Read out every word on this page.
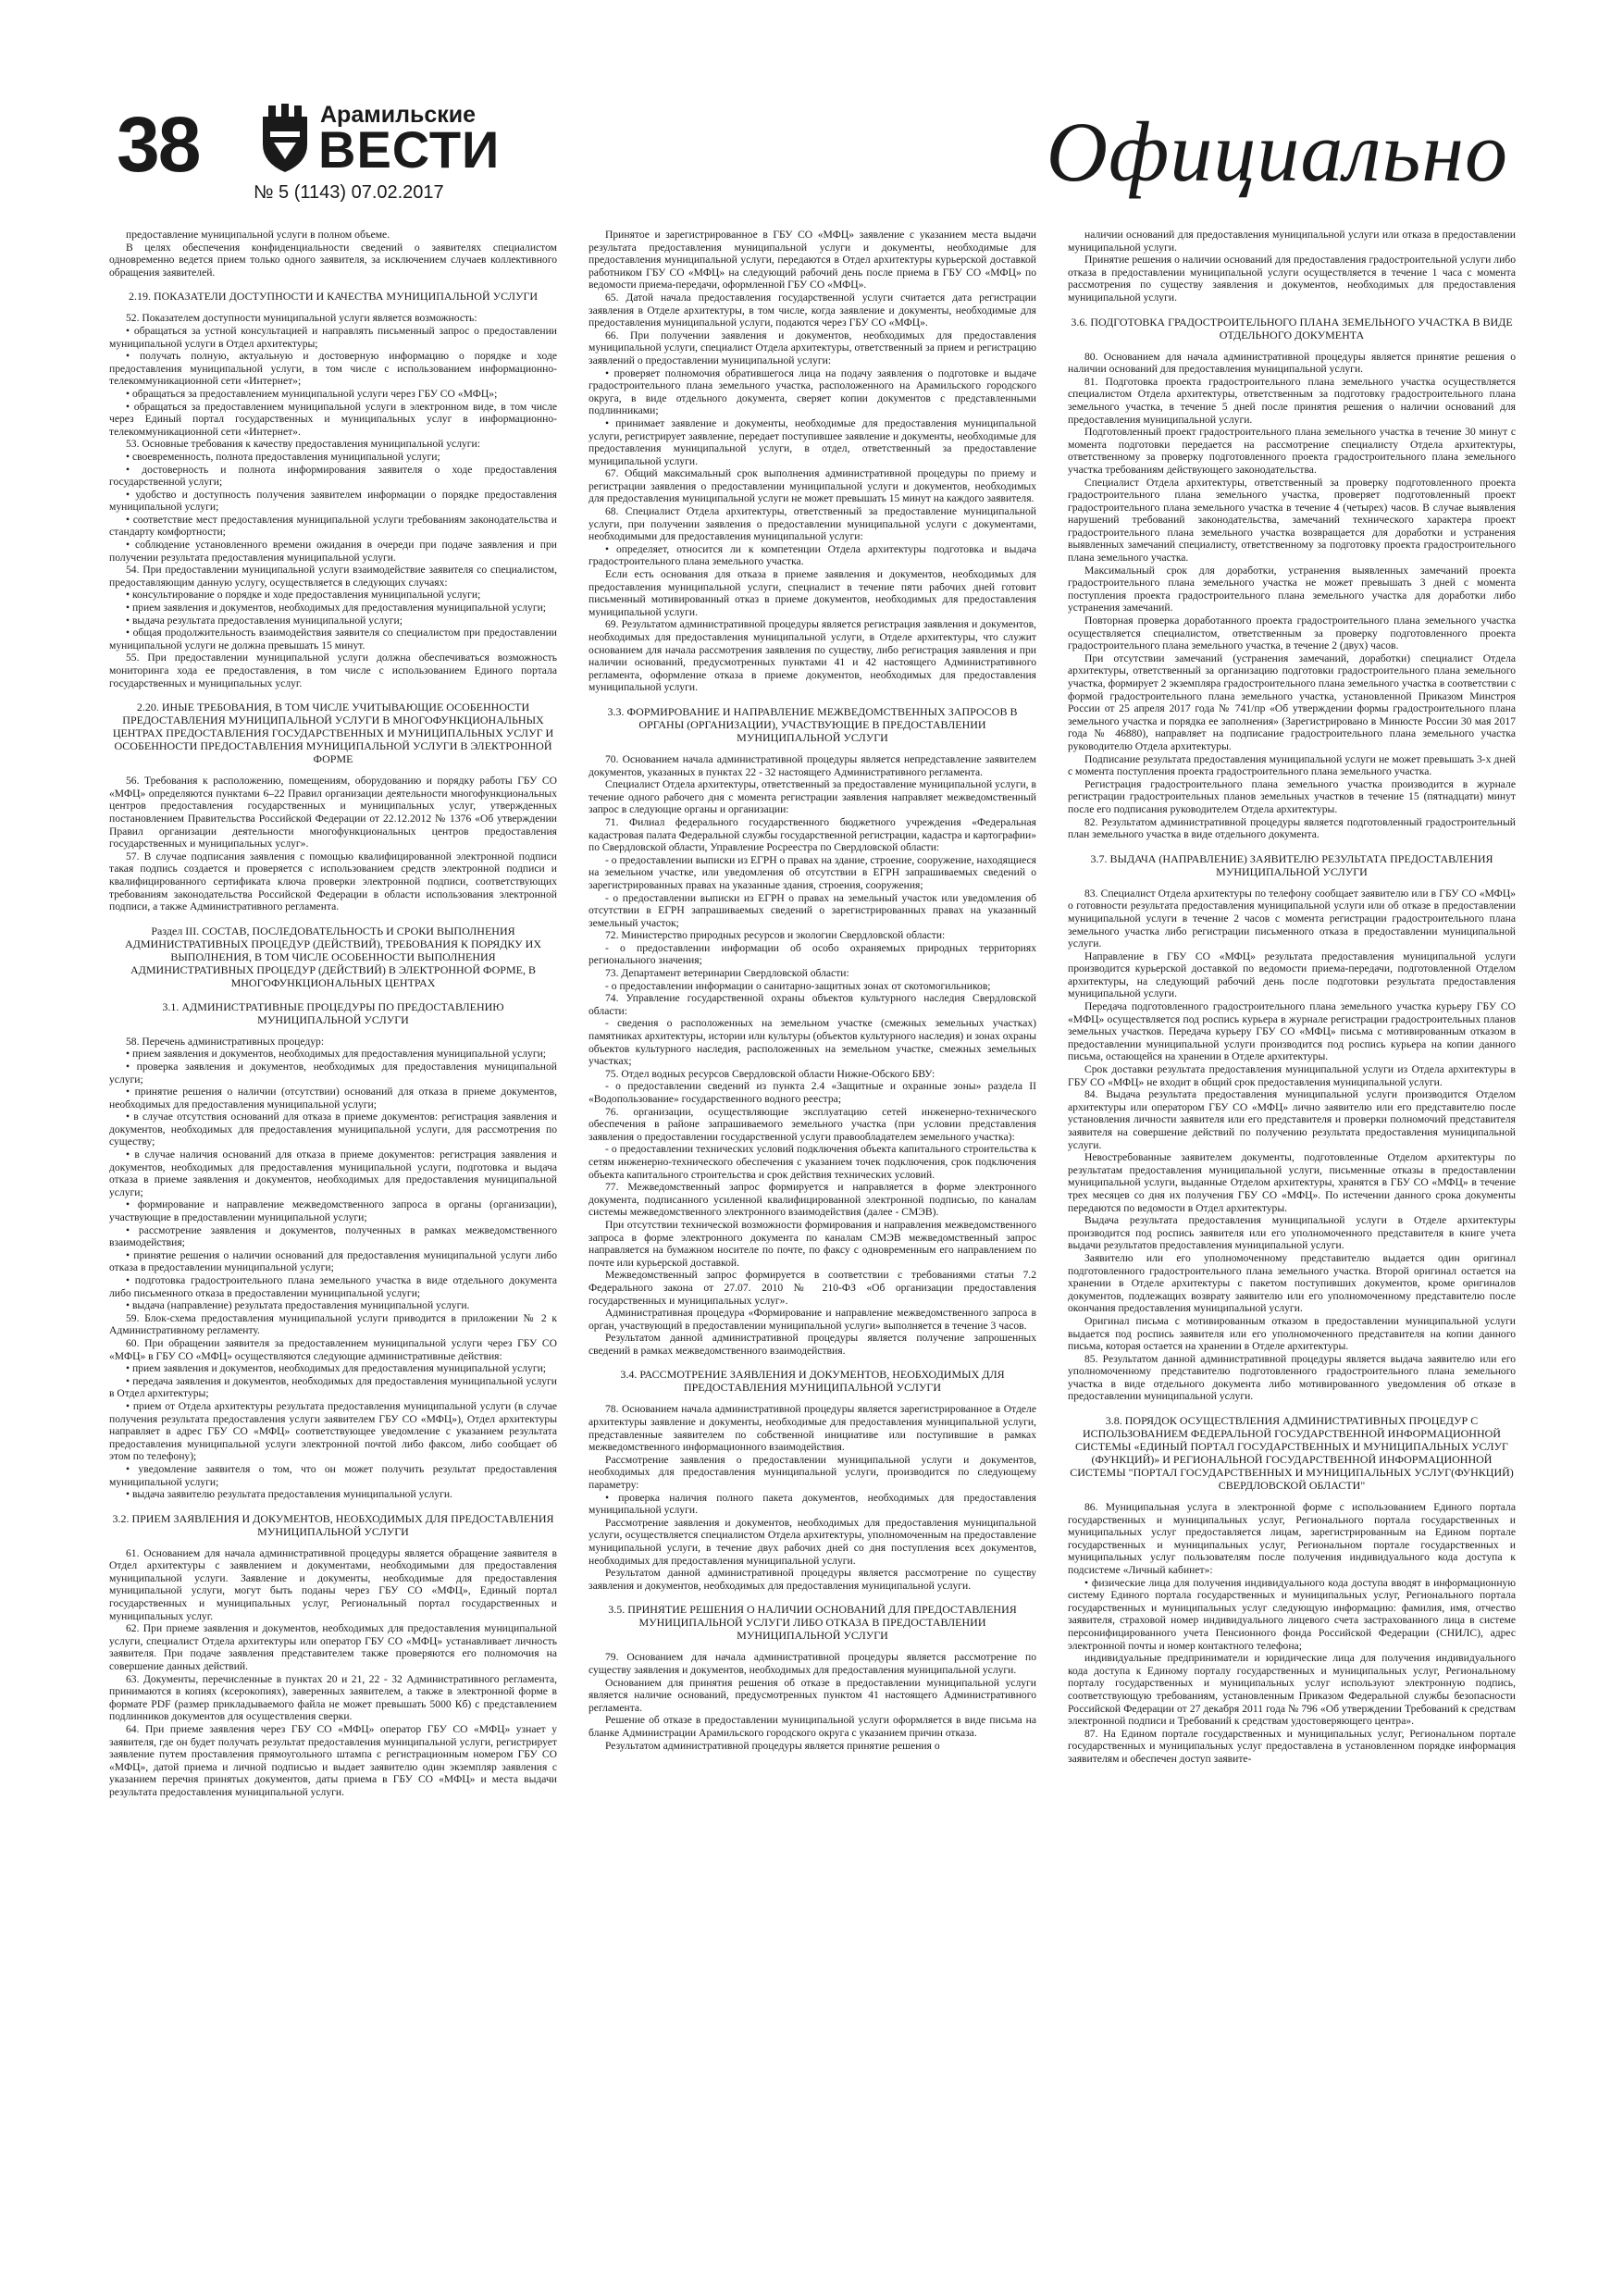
38	Арамильские
ВЕСТИ
№ 5 (1143) 07.02.2017	Официально

предоставление муниципальной услуги в полном объеме.

В целях обеспечения конфиденциальности сведений о заявителях специалистом одновременно ведется прием только одного заявителя, за исключением случаев коллективного обращения заявителей.

2.19. ПОКАЗАТЕЛИ ДОСТУПНОСТИ И КАЧЕСТВА МУНИЦИПАЛЬНОЙ УСЛУГИ

52. Показателем доступности муниципальной услуги является возможность:

• обращаться за устной консультацией и направлять письменный запрос о предоставлении муниципальной услуги в Отдел архитектуры;

• получать полную, актуальную и достоверную информацию о порядке и ходе предоставления муниципальной услуги, в том числе с использованием информационно-телекоммуникационной сети «Интернет»;

• обращаться за предоставлением муниципальной услуги через ГБУ СО «МФЦ»;

• обращаться за предоставлением муниципальной услуги в электронном виде, в том числе через Единый портал государственных и муниципальных услуг в информационно-телекоммуникационной сети «Интернет».

53. Основные требования к качеству предоставления муниципальной услуги:

• своевременность, полнота предоставления муниципальной услуги;

• достоверность и полнота информирования заявителя о ходе предоставления государственной услуги;

• удобство и доступность получения заявителем информации о порядке предоставления муниципальной услуги;

• соответствие мест предоставления муниципальной услуги требованиям законодательства и стандарту комфортности;

• соблюдение установленного времени ожидания в очереди при подаче заявления и при получении результата предоставления муниципальной услуги.

54. При предоставлении муниципальной услуги взаимодействие заявителя со специалистом, предоставляющим данную услугу, осуществляется в следующих случаях:

• консультирование о порядке и ходе предоставления муниципальной услуги;

• прием заявления и документов, необходимых для предоставления муниципальной услуги;

• выдача результата предоставления муниципальной услуги;

• общая продолжительность взаимодействия заявителя со специалистом при предоставлении муниципальной услуги не должна превышать 15 минут.

55. При предоставлении муниципальной услуги должна обеспечиваться возможность мониторинга хода ее предоставления, в том числе с использованием Единого портала государственных и муниципальных услуг.

2.20. ИНЫЕ ТРЕБОВАНИЯ, В ТОМ ЧИСЛЕ УЧИТЫВАЮЩИЕ ОСОБЕННОСТИ ПРЕДОСТАВЛЕНИЯ МУНИЦИПАЛЬНОЙ УСЛУГИ В МНОГОФУНКЦИОНАЛЬНЫХ ЦЕНТРАХ ПРЕДОСТАВЛЕНИЯ ГОСУДАРСТВЕННЫХ И МУНИЦИПАЛЬНЫХ УСЛУГ И ОСОБЕННОСТИ ПРЕДОСТАВЛЕНИЯ МУНИЦИПАЛЬНОЙ УСЛУГИ В ЭЛЕКТРОННОЙ ФОРМЕ

56. Требования к расположению, помещениям, оборудованию и порядку работы ГБУ СО «МФЦ» определяются пунктами 6–22 Правил организации деятельности многофункциональных центров предоставления государственных и муниципальных услуг, утвержденных постановлением Правительства Российской Федерации от 22.12.2012 № 1376 «Об утверждении Правил организации деятельности многофункциональных центров предоставления государственных и муниципальных услуг».

57. В случае подписания заявления с помощью квалифицированной электронной подписи такая подпись создается и проверяется с использованием средств электронной подписи и квалифицированного сертификата ключа проверки электронной подписи, соответствующих требованиям законодательства Российской Федерации в области использования электронной подписи, а также Административного регламента.

Раздел III. СОСТАВ, ПОСЛЕДОВАТЕЛЬНОСТЬ И СРОКИ ВЫПОЛНЕНИЯ АДМИНИСТРАТИВНЫХ ПРОЦЕДУР (ДЕЙСТВИЙ), ТРЕБОВАНИЯ К ПОРЯДКУ ИХ ВЫПОЛНЕНИЯ, В ТОМ ЧИСЛЕ ОСОБЕННОСТИ ВЫПОЛНЕНИЯ АДМИНИСТРАТИВНЫХ ПРОЦЕДУР (ДЕЙСТВИЙ) В ЭЛЕКТРОННОЙ ФОРМЕ, В МНОГОФУНКЦИОНАЛЬНЫХ ЦЕНТРАХ
3.1. АДМИНИСТРАТИВНЫЕ ПРОЦЕДУРЫ ПО ПРЕДОСТАВЛЕНИЮ МУНИЦИПАЛЬНОЙ УСЛУГИ

58. Перечень административных процедур:

• прием заявления и документов, необходимых для предоставления муниципальной услуги;

• проверка заявления и документов, необходимых для предоставления муниципальной услуги;

• принятие решения о наличии (отсутствии) оснований для отказа в приеме документов, необходимых для предоставления муниципальной услуги;

• в случае отсутствия оснований для отказа в приеме документов: регистрация заявления и документов, необходимых для предоставления муниципальной услуги, для рассмотрения по существу;

• в случае наличия оснований для отказа в приеме документов: регистрация заявления и документов, необходимых для предоставления муниципальной услуги, подготовка и выдача отказа в приеме заявления и документов, необходимых для предоставления муниципальной услуги;

• формирование и направление межведомственного запроса в органы (организации), участвующие в предоставлении муниципальной услуги;

• рассмотрение заявления и документов, полученных в рамках межведомственного взаимодействия;

• принятие решения о наличии оснований для предоставления муниципальной услуги либо отказа в предоставлении муниципальной услуги;

• подготовка градостроительного плана земельного участка в виде отдельного документа либо письменного отказа в предоставлении муниципальной услуги;

• выдача (направление) результата предоставления муниципальной услуги.

59. Блок-схема предоставления муниципальной услуги приводится в приложении № 2 к Административному регламенту.

60. При обращении заявителя за предоставлением муниципальной услуги через ГБУ СО «МФЦ» в ГБУ СО «МФЦ» осуществляются следующие административные действия:

• прием заявления и документов, необходимых для предоставления муниципальной услуги;

• передача заявления и документов, необходимых для предоставления муниципальной услуги в Отдел архитектуры;

• прием от Отдела архитектуры результата предоставления муниципальной услуги (в случае получения результата предоставления услуги заявителем ГБУ СО «МФЦ»), Отдел архитектуры направляет в адрес ГБУ СО «МФЦ» соответствующее уведомление с указанием результата предоставления муниципальной услуги электронной почтой либо факсом, либо сообщает об этом по телефону);

• уведомление заявителя о том, что он может получить результат предоставления муниципальной услуги;

• выдача заявителю результата предоставления муниципальной услуги.

3.2. ПРИЕМ ЗАЯВЛЕНИЯ И ДОКУМЕНТОВ, НЕОБХОДИМЫХ ДЛЯ ПРЕДОСТАВЛЕНИЯ МУНИЦИПАЛЬНОЙ УСЛУГИ

61. Основанием для начала административной процедуры является обращение заявителя в Отдел архитектуры с заявлением и документами, необходимыми для предоставления муниципальной услуги. Заявление и документы, необходимые для предоставления муниципальной услуги, могут быть поданы через ГБУ СО «МФЦ», Единый портал государственных и муниципальных услуг, Региональный портал государственных и муниципальных услуг.

62. При приеме заявления и документов, необходимых для предоставления муниципальной услуги, специалист Отдела архитектуры или оператор ГБУ СО «МФЦ» устанавливает личность заявителя. При подаче заявления представителем также проверяются его полномочия на совершение данных действий.

63. Документы, перечисленные в пунктах 20 и 21, 22 - 32 Административного регламента, принимаются в копиях (ксерокопиях), заверенных заявителем, а также в электронной форме в формате PDF (размер прикладываемого файла не может превышать 5000 Кб) с представлением подлинников документов для осуществления сверки.

64. При приеме заявления через ГБУ СО «МФЦ» оператор ГБУ СО «МФЦ» узнает у заявителя, где он будет получать результат предоставления муниципальной услуги, регистрирует заявление путем проставления прямоугольного штампа с регистрационным номером ГБУ СО «МФЦ», датой приема и личной подписью и выдает заявителю один экземпляр заявления с указанием перечня принятых документов, даты приема в ГБУ СО «МФЦ» и места выдачи результата предоставления муниципальной услуги.

Принятое и зарегистрированное в ГБУ СО «МФЦ» заявление с указанием места выдачи результата предоставления муниципальной услуги и документы, необходимые для предоставления муниципальной услуги, передаются в Отдел архитектуры курьерской доставкой работником ГБУ СО «МФЦ» на следующий рабочий день после приема в ГБУ СО «МФЦ» по ведомости приема-передачи, оформленной ГБУ СО «МФЦ».

65. Датой начала предоставления государственной услуги считается дата регистрации заявления в Отделе архитектуры, в том числе, когда заявление и документы, необходимые для предоставления муниципальной услуги, подаются через ГБУ СО «МФЦ».

66. При получении заявления и документов, необходимых для предоставления муниципальной услуги, специалист Отдела архитектуры, ответственный за прием и регистрацию заявлений о предоставлении муниципальной услуги:

• проверяет полномочия обратившегося лица на подачу заявления о подготовке и выдаче градостроительного плана земельного участка, расположенного на Арамильского городского округа, в виде отдельного документа, сверяет копии документов с представленными подлинниками;

• принимает заявление и документы, необходимые для предоставления муниципальной услуги, регистрирует заявление, передает поступившее заявление и документы, необходимые для предоставления муниципальной услуги, в отдел, ответственный за предоставление муниципальной услуги.

67. Общий максимальный срок выполнения административной процедуры по приему и регистрации заявления о предоставлении муниципальной услуги и документов, необходимых для предоставления муниципальной услуги не может превышать 15 минут на каждого заявителя.

68. Специалист Отдела архитектуры, ответственный за предоставление муниципальной услуги, при получении заявления о предоставлении муниципальной услуги с документами, необходимыми для предоставления муниципальной услуги:

• определяет, относится ли к компетенции Отдела архитектуры подготовка и выдача градостроительного плана земельного участка.

Если есть основания для отказа в приеме заявления и документов, необходимых для предоставления муниципальной услуги, специалист в течение пяти рабочих дней готовит письменный мотивированный отказ в приеме документов, необходимых для предоставления муниципальной услуги.

69. Результатом административной процедуры является регистрация заявления и документов, необходимых для предоставления муниципальной услуги, в Отделе архитектуры, что служит основанием для начала рассмотрения заявления по существу, либо регистрация заявления и при наличии оснований, предусмотренных пунктами 41 и 42 настоящего Административного регламента, оформление отказа в приеме документов, необходимых для предоставления муниципальной услуги.

3.3. ФОРМИРОВАНИЕ И НАПРАВЛЕНИЕ МЕЖВЕДОМСТВЕННЫХ ЗАПРОСОВ В ОРГАНЫ (ОРГАНИЗАЦИИ), УЧАСТВУЮЩИЕ В ПРЕДОСТАВЛЕНИИ МУНИЦИПАЛЬНОЙ УСЛУГИ

70. Основанием начала административной процедуры является непредставление заявителем документов, указанных в пунктах 22 - 32 настоящего Административного регламента.

Специалист Отдела архитектуры, ответственный за предоставление муниципальной услуги, в течение одного рабочего дня с момента регистрации заявления направляет межведомственный запрос в следующие органы и организации:

71. Филиал федерального государственного бюджетного учреждения «Федеральная кадастровая палата Федеральной службы государственной регистрации, кадастра и картографии» по Свердловской области, Управление Росреестра по Свердловской области:

- о предоставлении выписки из ЕГРН о правах на здание, строение, сооружение, находящиеся на земельном участке, или уведомления об отсутствии в ЕГРН запрашиваемых сведений о зарегистрированных правах на указанные здания, строения, сооружения;

- о предоставлении выписки из ЕГРН о правах на земельный участок или уведомления об отсутствии в ЕГРН запрашиваемых сведений о зарегистрированных правах на указанный земельный участок;

72. Министерство природных ресурсов и экологии Свердловской области:

- о предоставлении информации об особо охраняемых природных территориях регионального значения;

73. Департамент ветеринарии Свердловской области:

- о предоставлении информации о санитарно-защитных зонах от скотомогильников;

74. Управление государственной охраны объектов культурного наследия Свердловской области:

- сведения о расположенных на земельном участке (смежных земельных участках) памятниках архитектуры, истории или культуры (объектов культурного наследия) и зонах охраны объектов культурного наследия, расположенных на земельном участке, смежных земельных участках;

75. Отдел водных ресурсов Свердловской области Нижне-Обского БВУ:

- о предоставлении сведений из пункта 2.4 «Защитные и охранные зоны» раздела II «Водопользование» государственного водного реестра;

76. организации, осуществляющие эксплуатацию сетей инженерно-технического обеспечения в районе запрашиваемого земельного участка (при условии представления заявления о предоставлении государственной услуги правообладателем земельного участка):

- о предоставлении технических условий подключения объекта капитального строительства к сетям инженерно-технического обеспечения с указанием точек подключения, срок подключения объекта капитального строительства и срок действия технических условий.

77. Межведомственный запрос формируется и направляется в форме электронного документа, подписанного усиленной квалифицированной электронной подписью, по каналам системы межведомственного электронного взаимодействия (далее - СМЭВ).

При отсутствии технической возможности формирования и направления межведомственного запроса в форме электронного документа по каналам СМЭВ межведомственный запрос направляется на бумажном носителе по почте, по факсу с одновременным его направлением по почте или курьерской доставкой.

Межведомственный запрос формируется в соответствии с требованиями статьи 7.2 Федерального закона от 27.07. 2010 № 210-ФЗ «Об организации предоставления государственных и муниципальных услуг».

Административная процедура «Формирование и направление межведомственного запроса в орган, участвующий в предоставлении муниципальной услуги» выполняется в течение 3 часов.

Результатом данной административной процедуры является получение запрошенных сведений в рамках межведомственного взаимодействия.

3.4. РАССМОТРЕНИЕ ЗАЯВЛЕНИЯ И ДОКУМЕНТОВ, НЕОБХОДИМЫХ ДЛЯ ПРЕДОСТАВЛЕНИЯ МУНИЦИПАЛЬНОЙ УСЛУГИ

78. Основанием начала административной процедуры является зарегистрированное в Отделе архитектуры заявление и документы, необходимые для предоставления муниципальной услуги, представленные заявителем по собственной инициативе или поступившие в рамках межведомственного информационного взаимодействия.

Рассмотрение заявления о предоставлении муниципальной услуги и документов, необходимых для предоставления муниципальной услуги, производится по следующему параметру:

• проверка наличия полного пакета документов, необходимых для предоставления муниципальной услуги.

Рассмотрение заявления и документов, необходимых для предоставления муниципальной услуги, осуществляется специалистом Отдела архитектуры, уполномоченным на предоставление муниципальной услуги, в течение двух рабочих дней со дня поступления всех документов, необходимых для предоставления муниципальной услуги.

Результатом данной административной процедуры является рассмотрение по существу заявления и документов, необходимых для предоставления муниципальной услуги.

3.5. ПРИНЯТИЕ РЕШЕНИЯ О НАЛИЧИИ ОСНОВАНИЙ ДЛЯ ПРЕДОСТАВЛЕНИЯ МУНИЦИПАЛЬНОЙ УСЛУГИ ЛИБО ОТКАЗА В ПРЕДОСТАВЛЕНИИ МУНИЦИПАЛЬНОЙ УСЛУГИ

79. Основанием для начала административной процедуры является рассмотрение по существу заявления и документов, необходимых для предоставления муниципальной услуги.

Основанием для принятия решения об отказе в предоставлении муниципальной услуги является наличие оснований, предусмотренных пунктом 41 настоящего Административного регламента.

Решение об отказе в предоставлении муниципальной услуги оформляется в виде письма на бланке Администрации Арамильского городского округа с указанием причин отказа.

Результатом административной процедуры является принятие решения о

наличии оснований для предоставления муниципальной услуги или отказа в предоставлении муниципальной услуги.

Принятие решения о наличии оснований для предоставления градостроительной услуги либо отказа в предоставлении муниципальной услуги осуществляется в течение 1 часа с момента рассмотрения по существу заявления и документов, необходимых для предоставления муниципальной услуги.

3.6. ПОДГОТОВКА ГРАДОСТРОИТЕЛЬНОГО ПЛАНА ЗЕМЕЛЬНОГО УЧАСТКА В ВИДЕ ОТДЕЛЬНОГО ДОКУМЕНТА

80. Основанием для начала административной процедуры является принятие решения о наличии оснований для предоставления муниципальной услуги.

81. Подготовка проекта градостроительного плана земельного участка осуществляется специалистом Отдела архитектуры, ответственным за подготовку градостроительного плана земельного участка, в течение 5 дней после принятия решения о наличии оснований для предоставления муниципальной услуги.

Подготовленный проект градостроительного плана земельного участка в течение 30 минут с момента подготовки передается на рассмотрение специалисту Отдела архитектуры, ответственному за проверку подготовленного проекта градостроительного плана земельного участка требованиям действующего законодательства.

Специалист Отдела архитектуры, ответственный за проверку подготовленного проекта градостроительного плана земельного участка, проверяет подготовленный проект градостроительного плана земельного участка в течение 4 (четырех) часов. В случае выявления нарушений требований законодательства, замечаний технического характера проект градостроительного плана земельного участка возвращается для доработки и устранения выявленных замечаний специалисту, ответственному за подготовку проекта градостроительного плана земельного участка.

Максимальный срок для доработки, устранения выявленных замечаний проекта градостроительного плана земельного участка не может превышать 3 дней с момента поступления проекта градостроительного плана земельного участка для доработки либо устранения замечаний.

Повторная проверка доработанного проекта градостроительного плана земельного участка осуществляется специалистом, ответственным за проверку подготовленного проекта градостроительного плана земельного участка, в течение 2 (двух) часов.

При отсутствии замечаний (устранения замечаний, доработки) специалист Отдела архитектуры, ответственный за организацию подготовки градостроительного плана земельного участка, формирует 2 экземпляра градостроительного плана земельного участка в соответствии с формой градостроительного плана земельного участка, установленной Приказом Минстроя России от 25 апреля 2017 года № 741/пр «Об утверждении формы градостроительного плана земельного участка и порядка ее заполнения» (Зарегистрировано в Минюсте России 30 мая 2017 года № 46880), направляет на подписание градостроительного плана земельного участка руководителю Отдела архитектуры.

Подписание результата предоставления муниципальной услуги не может превышать 3-х дней с момента поступления проекта градостроительного плана земельного участка.

Регистрация градостроительного плана земельного участка производится в журнале регистрации градостроительных планов земельных участков в течение 15 (пятнадцати) минут после его подписания руководителем Отдела архитектуры.

82. Результатом административной процедуры является подготовленный градостроительный план земельного участка в виде отдельного документа.

3.7. ВЫДАЧА (НАПРАВЛЕНИЕ) ЗАЯВИТЕЛЮ РЕЗУЛЬТАТА ПРЕДОСТАВЛЕНИЯ МУНИЦИПАЛЬНОЙ УСЛУГИ

83. Специалист Отдела архитектуры по телефону сообщает заявителю или в ГБУ СО «МФЦ» о готовности результата предоставления муниципальной услуги или об отказе в предоставлении муниципальной услуги в течение 2 часов с момента регистрации градостроительного плана земельного участка либо регистрации письменного отказа в предоставлении муниципальной услуги.

Направление в ГБУ СО «МФЦ» результата предоставления муниципальной услуги производится курьерской доставкой по ведомости приема-передачи, подготовленной Отделом архитектуры, на следующий рабочий день после подготовки результата предоставления муниципальной услуги.

Передача подготовленного градостроительного плана земельного участка курьеру ГБУ СО «МФЦ» осуществляется под роспись курьера в журнале регистрации градостроительных планов земельных участков. Передача курьеру ГБУ СО «МФЦ» письма с мотивированным отказом в предоставлении муниципальной услуги производится под роспись курьера на копии данного письма, остающейся на хранении в Отделе архитектуры.

Срок доставки результата предоставления муниципальной услуги из Отдела архитектуры в ГБУ СО «МФЦ» не входит в общий срок предоставления муниципальной услуги.

84. Выдача результата предоставления муниципальной услуги производится Отделом архитектуры или оператором ГБУ СО «МФЦ» лично заявителю или его представителю после установления личности заявителя или его представителя и проверки полномочий представителя заявителя на совершение действий по получению результата предоставления муниципальной услуги.

Невостребованные заявителем документы, подготовленные Отделом архитектуры по результатам предоставления муниципальной услуги, письменные отказы в предоставлении муниципальной услуги, выданные Отделом архитектуры, хранятся в ГБУ СО «МФЦ» в течение трех месяцев со дня их получения ГБУ СО «МФЦ». По истечении данного срока документы передаются по ведомости в Отдел архитектуры.

Выдача результата предоставления муниципальной услуги в Отделе архитектуры производится под роспись заявителя или его уполномоченного представителя в книге учета выдачи результатов предоставления муниципальной услуги.

Заявителю или его уполномоченному представителю выдается один оригинал подготовленного градостроительного плана земельного участка. Второй оригинал остается на хранении в Отделе архитектуры с пакетом поступивших документов, кроме оригиналов документов, подлежащих возврату заявителю или его уполномоченному представителю после окончания предоставления муниципальной услуги.

Оригинал письма с мотивированным отказом в предоставлении муниципальной услуги выдается под роспись заявителя или его уполномоченного представителя на копии данного письма, которая остается на хранении в Отделе архитектуры.

85. Результатом данной административной процедуры является выдача заявителю или его уполномоченному представителю подготовленного градостроительного плана земельного участка в виде отдельного документа либо мотивированного уведомления об отказе в предоставлении муниципальной услуги.

3.8. ПОРЯДОК ОСУЩЕСТВЛЕНИЯ АДМИНИСТРАТИВНЫХ ПРОЦЕДУР С ИСПОЛЬЗОВАНИЕМ ФЕДЕРАЛЬНОЙ ГОСУДАРСТВЕННОЙ ИНФОРМАЦИОННОЙ СИСТЕМЫ «ЕДИНЫЙ ПОРТАЛ ГОСУДАРСТВЕННЫХ И МУНИЦИПАЛЬНЫХ УСЛУГ (ФУНКЦИЙ)» И РЕГИОНАЛЬНОЙ ГОСУДАРСТВЕННОЙ ИНФОРМАЦИОННОЙ СИСТЕМЫ "ПОРТАЛ ГОСУДАРСТВЕННЫХ И МУНИЦИПАЛЬНЫХ УСЛУГ(ФУНКЦИЙ) СВЕРДЛОВСКОЙ ОБЛАСТИ"

86. Муниципальная услуга в электронной форме с использованием Единого портала государственных и муниципальных услуг, Регионального портала государственных и муниципальных услуг предоставляется лицам, зарегистрированным на Едином портале государственных и муниципальных услуг, Региональном портале государственных и муниципальных услуг пользователям после получения индивидуального кода доступа к подсистеме «Личный кабинет»:

• физические лица для получения индивидуального кода доступа вводят в информационную систему Единого портала государственных и муниципальных услуг, Регионального портала государственных и муниципальных услуг следующую информацию: фамилия, имя, отчество заявителя, страховой номер индивидуального лицевого счета застрахованного лица в системе персонифицированного учета Пенсионного фонда Российской Федерации (СНИЛС), адрес электронной почты и номер контактного телефона;

индивидуальные предприниматели и юридические лица для получения индивидуального кода доступа к Единому порталу государственных и муниципальных услуг, Региональному порталу государственных и муниципальных услуг используют электронную подпись, соответствующую требованиям, установленным Приказом Федеральной службы безопасности Российской Федерации от 27 декабря 2011 года № 796 «Об утверждении Требований к средствам электронной подписи и Требований к средствам удостоверяющего центра».

87. На Едином портале государственных и муниципальных услуг, Региональном портале государственных и муниципальных услуг предоставлена в установленном порядке информация заявителям и обеспечен доступ заявите-
